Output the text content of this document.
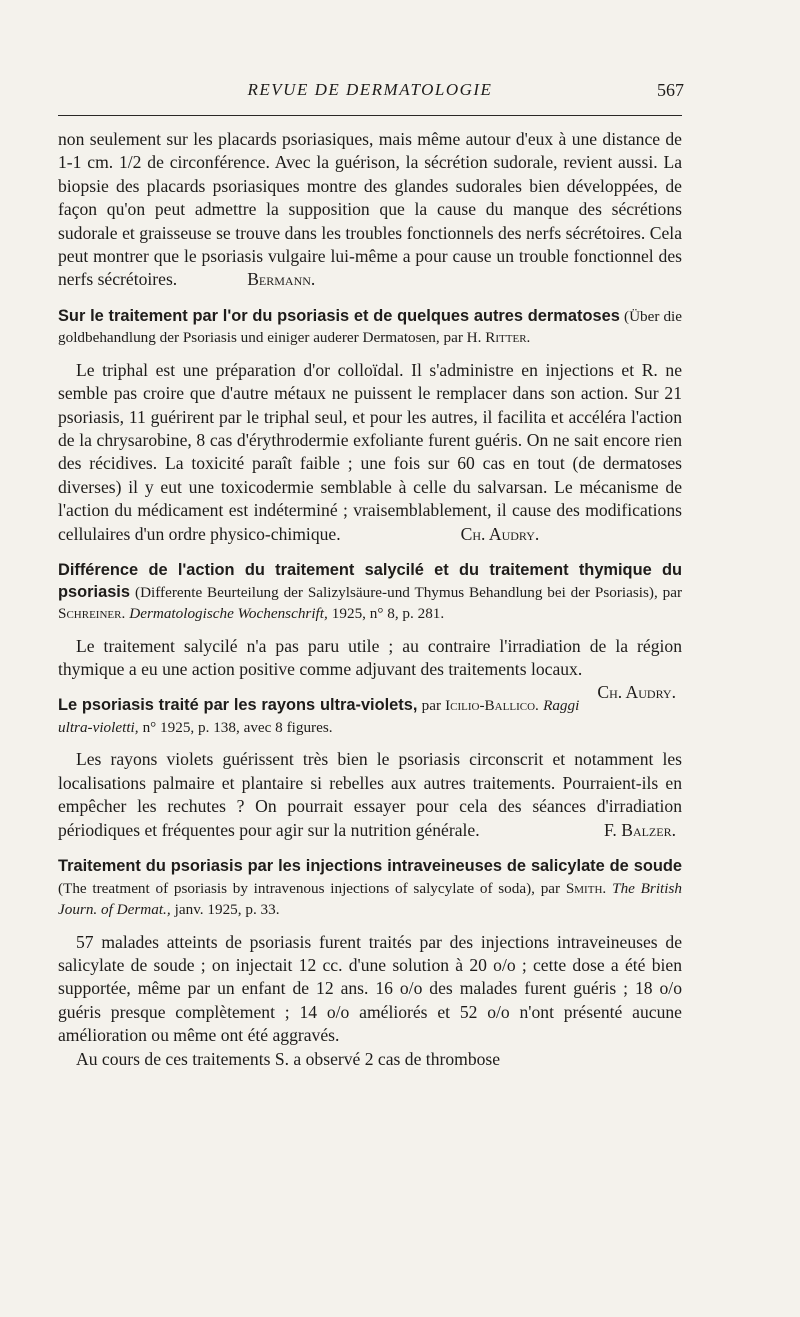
REVUE DE DERMATOLOGIE	567

non seulement sur les placards psoriasiques, mais même autour d'eux à une distance de 1-1 cm. 1/2 de circonférence. Avec la guérison, la sécrétion sudorale, revient aussi. La biopsie des placards psoriasiques montre des glandes sudorales bien développées, de façon qu'on peut admettre la supposition que la cause du manque des sécrétions sudorale et graisseuse se trouve dans les troubles fonctionnels des nerfs sécrétoires. Cela peut montrer que le psoriasis vulgaire lui-même a pour cause un trouble fonctionnel des nerfs sécrétoires.	Bermann.

Sur le traitement par l'or du psoriasis et de quelques autres dermatoses (Über die goldbehandlung der Psoriasis und einiger auderer Dermatosen, par H. Ritter.

Le triphal est une préparation d'or colloïdal. Il s'administre en injections et R. ne semble pas croire que d'autre métaux ne puissent le remplacer dans son action. Sur 21 psoriasis, 11 guérirent par le triphal seul, et pour les autres, il facilita et accéléra l'action de la chrysarobine, 8 cas d'érythrodermie exfoliante furent guéris. On ne sait encore rien des récidives. La toxicité paraît faible ; une fois sur 60 cas en tout (de dermatoses diverses) il y eut une toxicodermie semblable à celle du salvarsan. Le mécanisme de l'action du médicament est indéterminé ; vraisemblablement, il cause des modifications cellulaires d'un ordre physico-chimique.	Ch. Audry.

Différence de l'action du traitement salycilé et du traitement thymique du psoriasis (Differente Beurteilung der Salizylsäure-und Thymus Behandlung bei der Psoriasis), par Schreiner. Dermatologische Wochenschrift, 1925, n° 8, p. 281.

Le traitement salycilé n'a pas paru utile ; au contraire l'irradiation de la région thymique a eu une action positive comme adjuvant des traitements locaux.
Ch. Audry.

Le psoriasis traité par les rayons ultra-violets, par Icilio-Ballico. Raggi ultra-violetti, n° 1925, p. 138, avec 8 figures.

Les rayons violets guérissent très bien le psoriasis circonscrit et notamment les localisations palmaire et plantaire si rebelles aux autres traitements. Pourraient-ils en empêcher les rechutes ? On pourrait essayer pour cela des séances d'irradiation périodiques et fréquentes pour agir sur la nutrition générale.	F. Balzer.

Traitement du psoriasis par les injections intraveineuses de salicylate de soude (The treatment of psoriasis by intravenous injections of salycylate of soda), par Smith. The British Journ. of Dermat., janv. 1925, p. 33.

57 malades atteints de psoriasis furent traités par des injections intraveineuses de salicylate de soude ; on injectait 12 cc. d'une solution à 20 o/o ; cette dose a été bien supportée, même par un enfant de 12 ans. 16 o/o des malades furent guéris ; 18 o/o guéris presque complètement ; 14 o/o améliorés et 52 o/o n'ont présenté aucune amélioration ou même ont été aggravés.

Au cours de ces traitements S. a observé 2 cas de thrombose
